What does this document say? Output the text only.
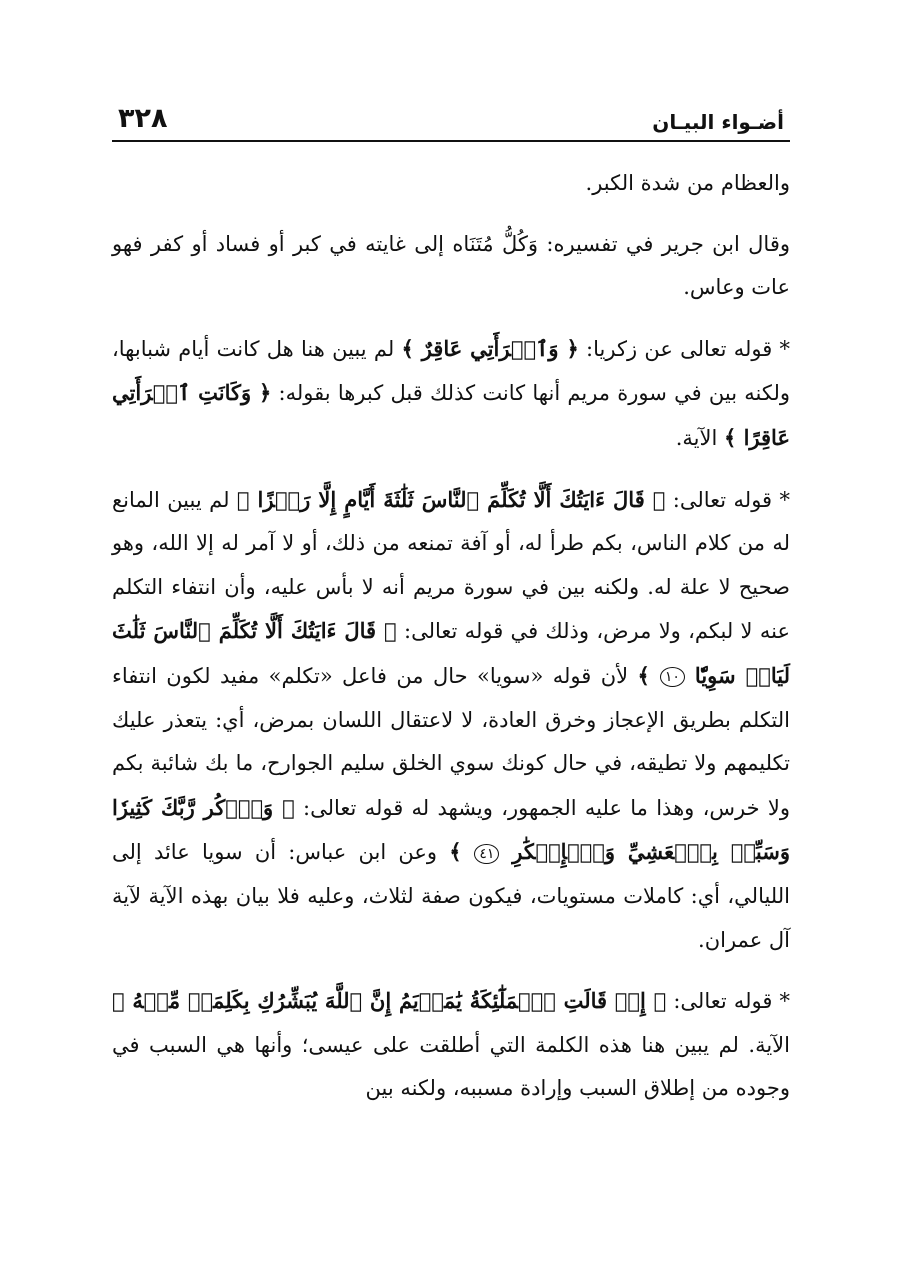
أضـواء البيـان
٣٢٨

والعظام من شدة الكبر.

وقال ابن جرير في تفسيره: وَكُلُّ مُتَنَاه إلى غايته في كبر أو فساد أو كفر فهو عات وعاس.

* قوله تعالى عن زكريا: ﴿ وَٱمۡرَأَتِي عَاقِرٌ ﴾ لم يبين هنا هل كانت أيام شبابها، ولكنه بين في سورة مريم أنها كانت كذلك قبل كبرها بقوله: ﴿ وَكَانَتِ ٱمۡرَأَتِي عَاقِرًا ﴾ الآية.

* قوله تعالى: ﴿ قَالَ ءَايَتُكَ أَلَّا تُكَلِّمَ ٱلنَّاسَ ثَلَٰثَةَ أَيَّامٍ إِلَّا رَمۡزًا ﴾ لم يبين المانع له من كلام الناس، بكم طرأ له، أو آفة تمنعه من ذلك، أو لا آمر له إلا الله، وهو صحيح لا علة له. ولكنه بين في سورة مريم أنه لا بأس عليه، وأن انتفاء التكلم عنه لا لبكم، ولا مرض، وذلك في قوله تعالى: ﴿ قَالَ ءَايَتُكَ أَلَّا تُكَلِّمَ ٱلنَّاسَ ثَلَٰثَ لَيَالٖ سَوِيّٗا ١٠ ﴾ لأن قوله «سويا» حال من فاعل «تكلم» مفيد لكون انتفاء التكلم بطريق الإعجاز وخرق العادة، لا لاعتقال اللسان بمرض، أي: يتعذر عليك تكليمهم ولا تطيقه، في حال كونك سوي الخلق سليم الجوارح، ما بك شائبة بكم ولا خرس، وهذا ما عليه الجمهور، ويشهد له قوله تعالى: ﴿ وَٱذۡكُر رَّبَّكَ كَثِيرٗا وَسَبِّحۡ بِٱلۡعَشِيِّ وَٱلۡإِبۡكَٰرِ ٤١ ﴾ وعن ابن عباس: أن سويا عائد إلى الليالي، أي: كاملات مستويات، فيكون صفة لثلاث، وعليه فلا بيان بهذه الآية لآية آل عمران.

* قوله تعالى: ﴿ إِذۡ قَالَتِ ٱلۡمَلَٰٓئِكَةُ يَٰمَرۡيَمُ إِنَّ ٱللَّهَ يُبَشِّرُكِ بِكَلِمَةٖ مِّنۡهُ ﴾ الآية. لم يبين هنا هذه الكلمة التي أطلقت على عيسى؛ وأنها هي السبب في وجوده من إطلاق السبب وإرادة مسببه، ولكنه بين
